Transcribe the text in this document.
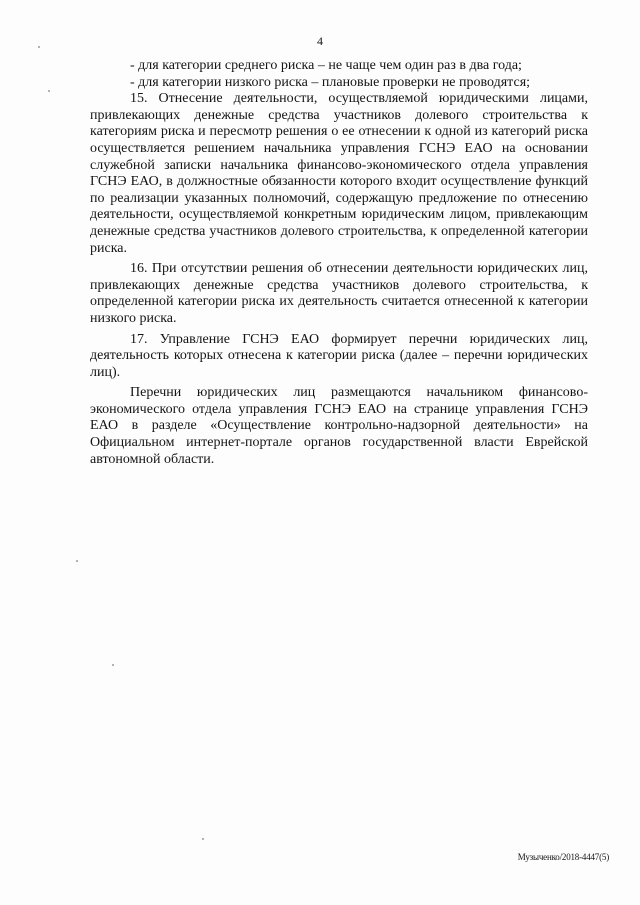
4

- для категории среднего риска – не чаще чем один раз в два года;

- для категории низкого риска – плановые проверки не проводятся;

15. Отнесение деятельности, осуществляемой юридическими лицами, привлекающих денежные средства участников долевого строительства к категориям риска и пересмотр решения о ее отнесении к одной из категорий риска осуществляется решением начальника управления ГСНЭ ЕАО на основании служебной записки начальника финансово-экономического отдела управления ГСНЭ ЕАО, в должностные обязанности которого входит осуществление функций по реализации указанных полномочий, содержащую предложение по отнесению деятельности, осуществляемой конкретным юридическим лицом, привлекающим денежные средства участников долевого строительства, к определенной категории риска.

16. При отсутствии решения об отнесении деятельности юридических лиц, привлекающих денежные средства участников долевого строительства, к определенной категории риска их деятельность считается отнесенной к категории низкого риска.

17. Управление ГСНЭ ЕАО формирует перечни юридических лиц, деятельность которых отнесена к категории риска (далее – перечни юридических лиц).

Перечни юридических лиц размещаются начальником финансово-экономического отдела управления ГСНЭ ЕАО на странице управления ГСНЭ ЕАО в разделе «Осуществление контрольно-надзорной деятельности» на Официальном интернет-портале органов государственной власти Еврейской автономной области.

Музыченко/2018-4447(5)
